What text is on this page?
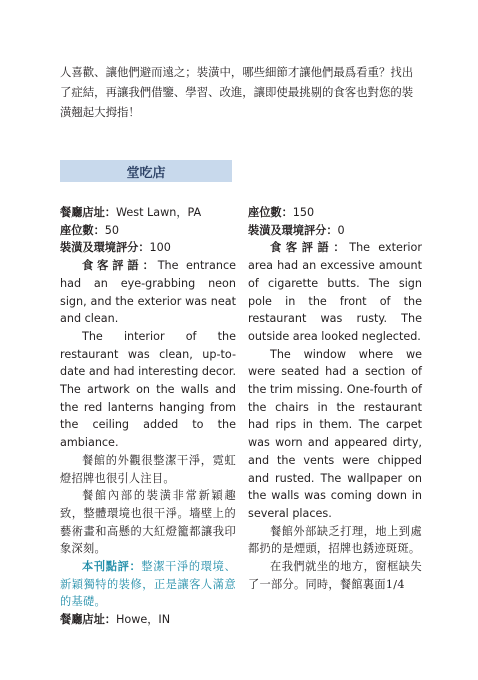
人喜歡、讓他們避而遠之；裝潢中，哪些細節才讓他們最爲看重？找出了症結，再讓我們借鑒、學習、改進，讓即使最挑剔的食客也對您的裝潢翹起大拇指！

堂吃店

餐廳店址：West Lawn，PA

座位數：50

裝潢及環境評分：100

食客評語：The entrance had an eye-grabbing neon sign, and the exterior was neat and clean.

The interior of the restaurant was clean, up-to-date and had interesting decor. The artwork on the walls and the red lanterns hanging from the ceiling added to the ambiance.

餐館的外觀很整潔干淨，霓虹燈招牌也很引人注目。

餐館內部的裝潢非常新穎趣致，整體環境也很干淨。墻壁上的藝術畫和高懸的大紅燈籠都讓我印象深刻。

本刊點評：整潔干淨的環境、新穎獨特的裝修，正是讓客人滿意的基礎。

餐廳店址：Howe，IN

座位數：150

裝潢及環境評分：0

食客評語：The exterior area had an excessive amount of cigarette butts. The sign pole in the front of the restaurant was rusty. The outside area looked neglected.

The window where we were seated had a section of the trim missing. One-fourth of the chairs in the restaurant had rips in them. The carpet was worn and appeared dirty, and the vents were chipped and rusted. The wallpaper on the walls was coming down in several places.

餐館外部缺乏打理，地上到處都扔的是煙頭，招牌也銹迹斑斑。

在我們就坐的地方，窗框缺失了一部分。同時，餐館裏面1/4
